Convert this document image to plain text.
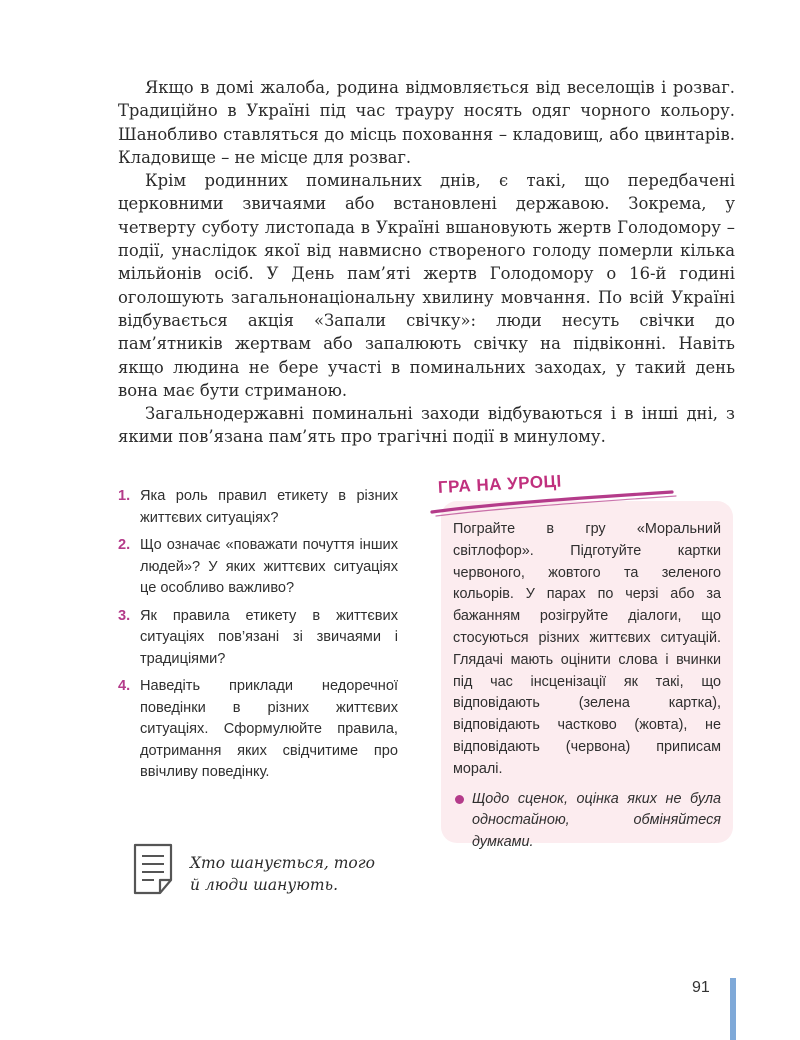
Якщо в домі жалоба, родина відмовляється від веселощів і розваг. Традиційно в Україні під час трауру носять одяг чорного кольору. Шанобливо ставляться до місць поховання – кладовищ, або цвинтарів. Кладовище – не місце для розваг.

Крім родинних поминальних днів, є такі, що передбачені церковними звичаями або встановлені державою. Зокрема, у четверту суботу листопада в Україні вшановують жертв Голодомору – події, унаслідок якої від навмисно створеного голоду померли кілька мільйонів осіб. У День пам’яті жертв Голодомору о 16-й годині оголошують загальнонаціональну хвилину мовчання. По всій Україні відбувається акція «Запали свічку»: люди несуть свічки до пам’ятників жертвам або запалюють свічку на підвіконні. Навіть якщо людина не бере участі в поминальних заходах, у такий день вона має бути стриманою.

Загальнодержавні поминальні заходи відбуваються і в інші дні, з якими пов’язана пам’ять про трагічні події в минулому.

1. Яка роль правил етикету в різних життєвих ситуаціях?
2. Що означає «поважати почуття інших людей»? У яких життєвих ситуаціях це особливо важливо?
3. Як правила етикету в життєвих ситуаціях пов’язані зі звичаями і традиціями?
4. Наведіть приклади недоречної поведінки в різних життєвих ситуаціях. Сформулюйте правила, дотримання яких свідчитиме про ввічливу поведінку.
Хто шанується, того
й люди шанують.
ГРА НА УРОЦІ

Пограйте в гру «Моральний світлофор». Підготуйте картки червоного, жовтого та зеленого кольорів. У парах по черзі або за бажанням розігруйте діалоги, що стосуються різних життєвих ситуацій. Глядачі мають оцінити слова і вчинки під час інсценізації як такі, що відповідають (зелена картка), відповідають частково (жовта), не відповідають (червона) приписам моралі.

Щодо сценок, оцінка яких не була одностайною, обміняйтеся думками.
91
